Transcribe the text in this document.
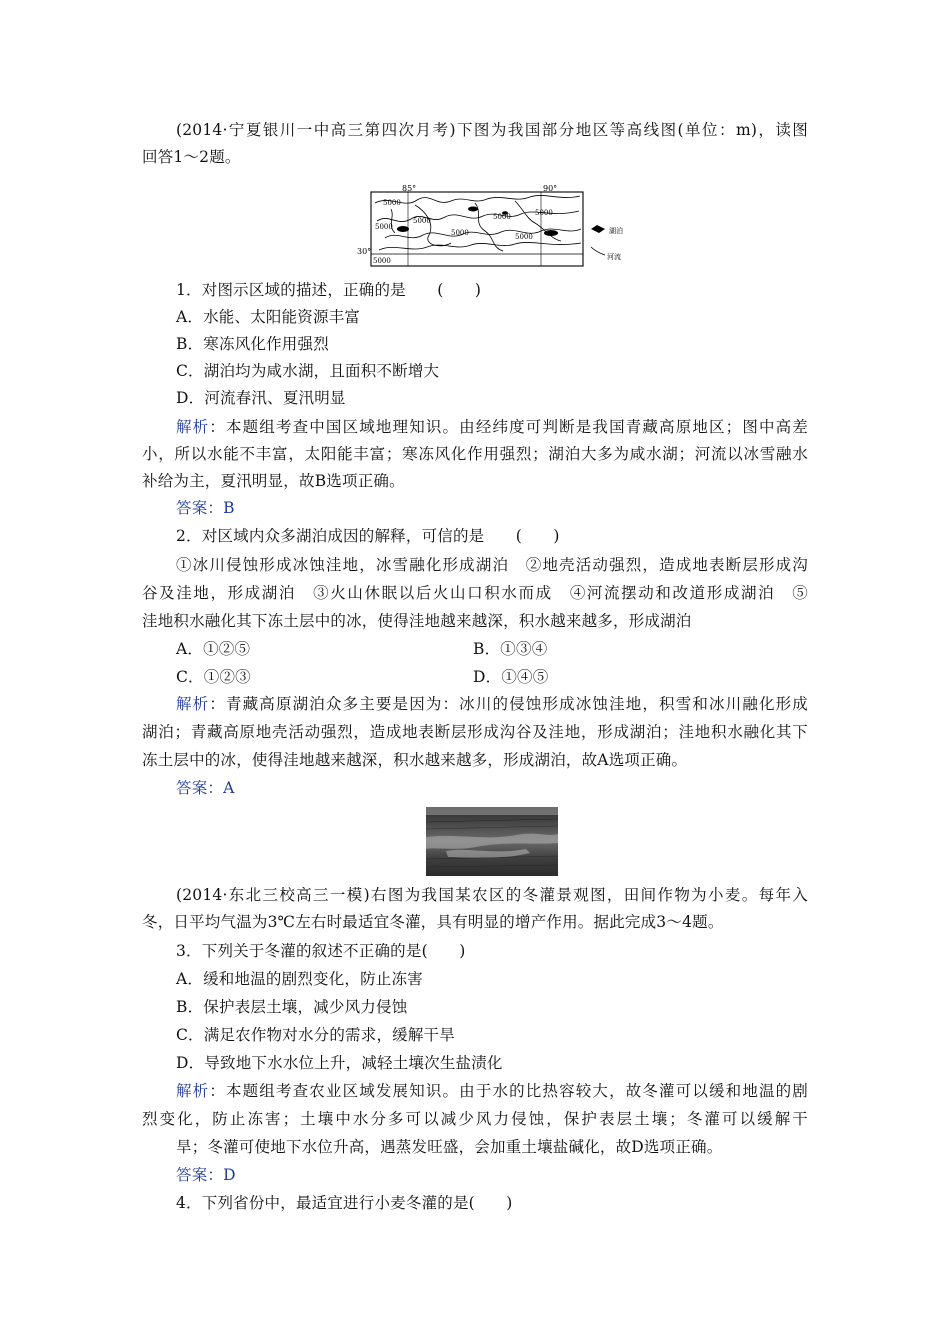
(2014·宁夏银川一中高三第四次月考)下图为我国部分地区等高线图(单位：m)，读图
回答1～2题。
85°	90°
30°
5000
5000
5000
5000
5000	5000
5000
5000
湖泊
河流
1．对图示区域的描述，正确的是　　(　　)
A．水能、太阳能资源丰富
B．寒冻风化作用强烈
C．湖泊均为咸水湖，且面积不断增大
D．河流春汛、夏汛明显
解析：本题组考查中国区域地理知识。由经纬度可判断是我国青藏高原地区；图中高差
小，所以水能不丰富，太阳能丰富；寒冻风化作用强烈；湖泊大多为咸水湖；河流以冰雪融水
补给为主，夏汛明显，故B选项正确。
答案：B
2．对区域内众多湖泊成因的解释，可信的是　　(　　)
①冰川侵蚀形成冰蚀洼地，冰雪融化形成湖泊　②地壳活动强烈，造成地表断层形成沟
谷及洼地，形成湖泊　③火山休眠以后火山口积水而成　④河流摆动和改道形成湖泊　⑤
洼地积水融化其下冻土层中的冰，使得洼地越来越深，积水越来越多，形成湖泊
A．①②⑤	B．①③④
C．①②③	D．①④⑤
解析：青藏高原湖泊众多主要是因为：冰川的侵蚀形成冰蚀洼地，积雪和冰川融化形成
湖泊；青藏高原地壳活动强烈，造成地表断层形成沟谷及洼地，形成湖泊；洼地积水融化其下
冻土层中的冰，使得洼地越来越深，积水越来越多，形成湖泊，故A选项正确。
答案：A
(2014·东北三校高三一模)右图为我国某农区的冬灌景观图，田间作物为小麦。每年入
冬，日平均气温为3℃左右时最适宜冬灌，具有明显的增产作用。据此完成3～4题。
3．下列关于冬灌的叙述不正确的是(　　)
A．缓和地温的剧烈变化，防止冻害
B．保护表层土壤，减少风力侵蚀
C．满足农作物对水分的需求，缓解干旱
D．导致地下水水位上升，减轻土壤次生盐渍化
解析：本题组考查农业区域发展知识。由于水的比热容较大，故冬灌可以缓和地温的剧
烈变化，防止冻害；土壤中水分多可以减少风力侵蚀，保护表层土壤；冬灌可以缓解干
旱；冬灌可使地下水位升高，遇蒸发旺盛，会加重土壤盐碱化，故D选项正确。
答案：D
4．下列省份中，最适宜进行小麦冬灌的是(　　)
